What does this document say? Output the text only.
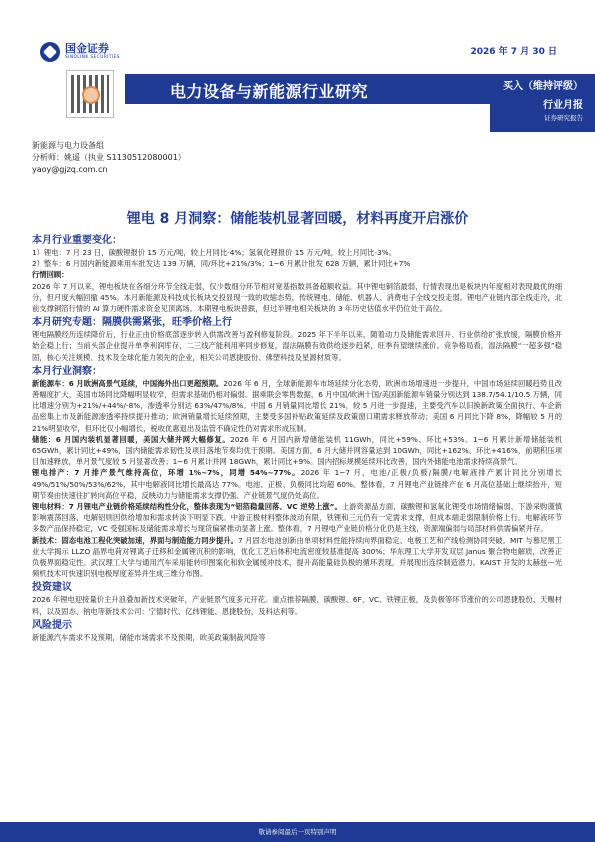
国金证券
SINOLINK SECURITIES
2026 年 7 月 30 日
电力设备与新能源行业研究	买入（维持评级）
行业月报
证券研究报告
新能源与电力设备组
分析师：姚遥（执业 S1130512080001）
yaoy@gjzq.com.cn
锂电 8 月洞察：储能装机显著回暖，材料再度开启涨价
本月行业重要变化：
1）锂电：7 月 23 日，碳酸锂报价 15 万元/吨，较上月同比-4%；氢氧化锂报价 15 万元/吨，较上月同比-3%。
2）整车：6 月国内新能源乘用车批发达 139 万辆，同/环比+21%/3%；1~6 月累计批发 628 万辆，累计同比+7%
行情回顾：
2026 年 7 月以来，锂电板块在各细分环节全线走弱，仅少数细分环节相对宽基指数具备超额收益。其中锂电铜箔最弱，行情表现出是板块内年度相对表现最优的细分，但月度大幅回撤 45%。本月新能源及科技成长板块交投显现一致的收缩态势，传统锂电、储能、机器人、消费电子全线交投走弱。锂电产业链内部全线走冷，北前支撑铜箔行情的 AI 算力硬件需求资金见顶离场。本期锂电板块普跌，但过半锂电相关板块的 3 年历史估值水平仍位处于高位。
本月研究专题：隔膜供需紧张，旺季价格上行
锂电隔膜经历连续降价后，行业正由价格底部逐步转入供需改善与盈利修复阶段。2025 年下半年以来，随着动力及储能需求回升、行业供给扩张放缓，隔膜价格开始企稳上行；当前头部企业提升单季利润库存，二三线产能利用率同步修复，湿法隔膜有效供给逐步趋紧，旺季有望继续涨价。竞争格局看，湿法隔膜“一超多强”稳固，核心关注规模、技术及全球化能力领先的企业，相关公司恩捷股份、佛塑科技及星源材质等。
本月行业洞察：
新能源车：6 月欧洲高景气延续，中国海外出口更超预期。2026 年 6 月，全球新能源车市场延续分化态势，欧洲市场增速进一步提升，中国市场延续回暖趋势且改善幅度扩大，美国市场同比降幅明显收窄，但需求基础仍相对偏弱。据乘联会零售数据，6 月中国/欧洲十国/美国新能源车销量分别达到 138.7/54.1/10.5 万辆，同比增速分别为+21%/+44%/-8%，渗透率分别达 63%/47%/8%。中国 6 月销量同比增长 21%，较 5 月进一步提速，主要受汽车以旧换新政策全面执行、车企新品密集上市及新能源渗透率持续提升推动；欧洲销量增长延续预期，主要受多国补贴政策延续及政策窗口期需求释放带动；美国 6 月同比下降 8%，降幅较 5 月的 21%明显收窄，但环比仅小幅增长，税收优惠退出及监管不确定性仍对需求形成压制。
储能：6 月国内装机显著回暖，美国大储并网大幅修复。2026 年 6 月国内新增储能装机 11GWh，同比+59%、环比+53%。1~6 月累计新增储能装机 65GWh，累计同比+49%，国内储能需求韧性及项目落地节奏均优于预期。美国方面，6 月大储并网容量达到 10GWh，同比+162%、环比+416%，前期积压项目加速释放，单月景气度较 5 月显著改善；1~6 月累计并网 18GWh，累计同比+9%。国内招标规模延续环比改善，国内外储能电池需求持续高景气。
锂电排产：7 月排产景气维持高位，环增 1%~7%，同增 54%~77%。2026 年 1~7 月，电池/正极/负极/隔膜/电解液排产累计同比分别增长 49%/51%/50%/53%/62%，其中电解液同比增长最高达 77%。电池、正极、负极同比均超 60%。整体看，7 月锂电产业链排产在 6 月高位基础上继续抬升，短期节奏由快速往扩转向高位平稳，反映动力与储能需求支撑仍强、产业链景气度仍处高位。
锂电材料：7 月锂电产业链价格延续结构性分化，整体表现为“铝箔稳量回落、VC 逆势上涨”。上游资源品方面，碳酸锂和氢氧化锂受市场情绪偏弱、下游采购谨慎影响震荡回落，电解铝则因供给增加和需求转淡下明显下跌。中游正极材料整体波动有限，铁锂和三元仍有一定需求支撑，但成本端走弱限制价格上行。电解液环节多数产品保持稳定，VC 受强国标及储能需求增长与现货偏紧推动显著上涨。整体看，7 月锂电产业链价格分化仍是主线，资源端偏弱与局部材料供需偏紧并存。
新技术：固态电池工程化突破加速，界面与制造能力同步提升。7 月固态电池创新由单项材料性能持续向界面稳定、电极工艺和产线检测协同突破。MIT 与慕尼黑工业大学揭示 LLZO 晶界电荷对锂离子迁移和金属锂沉积的影响，优化工艺后体积电流密度较基准提高 300%；华东理工大学开发双层 Janus 聚合物电解质，改善正负极界面稳定性。武汉理工大学与通用汽车采用能转印图案化和软金属缓冲技术，提升高能量硅负极的循环表现，并展现出连续制造潜力。KAIST 开发的太赫兹—光频机技术可快速识别电极厚度差异并生成三维分布图。
投资建议
2026 年锂电迎接量价主升浪叠加新技术突破年，产业链景气度多元开花。重点推荐隔膜、碳酸锂、6F、VC、铁锂正极，及负极等环节涨价的公司恩捷股份、天赐材料，以及固态、钠电等新技术公司：宁德时代、亿纬锂能、恩捷股份，及科达利等。
风险提示
新能源汽车需求不及预期，储能市场需求不及预期，欧美政策制裁风险等
敬请参阅最后一页特别声明
